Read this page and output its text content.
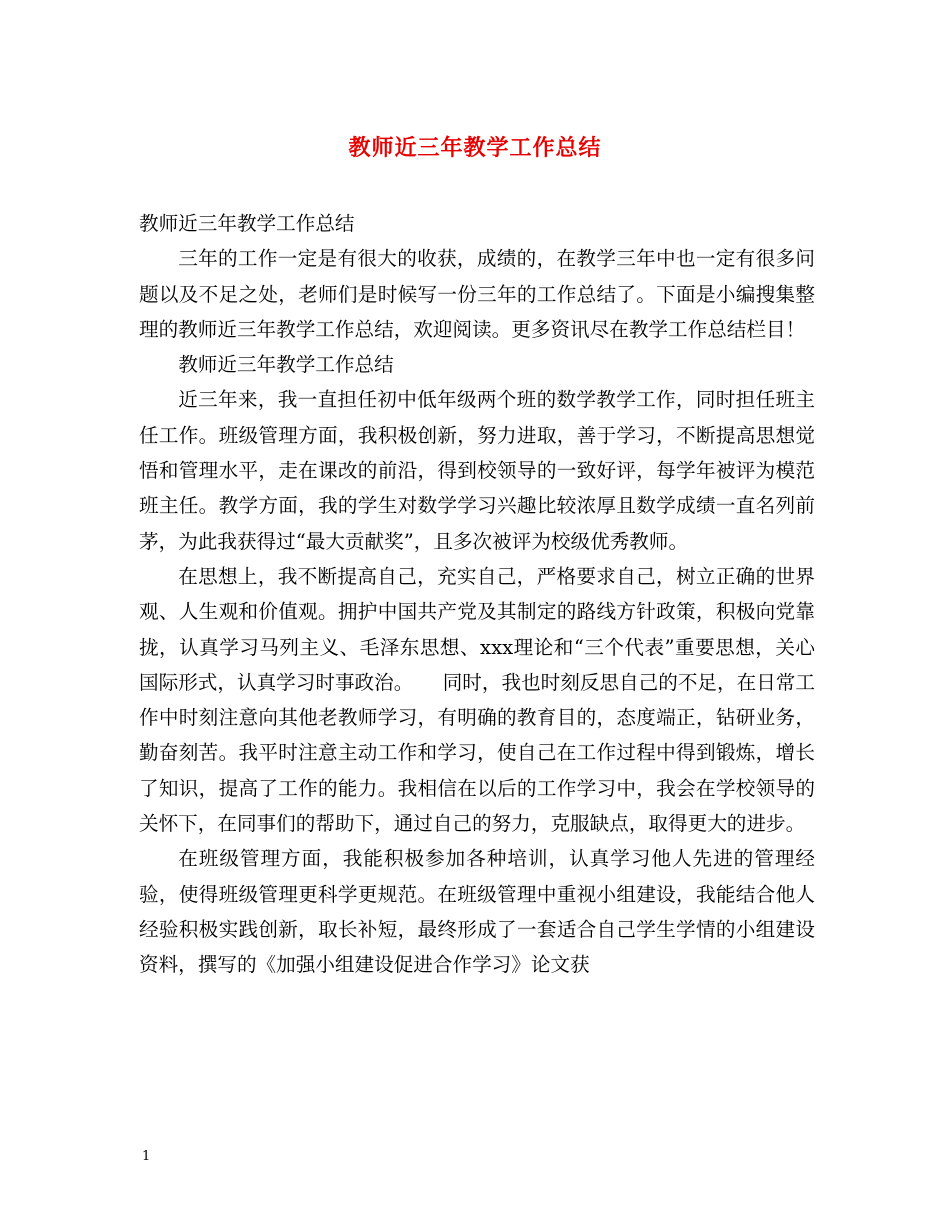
教师近三年教学工作总结

教师近三年教学工作总结

三年的工作一定是有很大的收获，成绩的，在教学三年中也一定有很多问题以及不足之处，老师们是时候写一份三年的工作总结了。下面是小编搜集整理的教师近三年教学工作总结，欢迎阅读。更多资讯尽在教学工作总结栏目！

教师近三年教学工作总结

近三年来，我一直担任初中低年级两个班的数学教学工作，同时担任班主任工作。班级管理方面，我积极创新，努力进取，善于学习，不断提高思想觉悟和管理水平，走在课改的前沿，得到校领导的一致好评，每学年被评为模范班主任。教学方面，我的学生对数学学习兴趣比较浓厚且数学成绩一直名列前茅，为此我获得过“最大贡献奖”，且多次被评为校级优秀教师。

在思想上，我不断提高自己，充实自己，严格要求自己，树立正确的世界观、人生观和价值观。拥护中国共产党及其制定的路线方针政策，积极向党靠拢，认真学习马列主义、毛泽东思想、xxx理论和“三个代表”重要思想，关心国际形式，认真学习时事政治。　　同时，我也时刻反思自己的不足，在日常工作中时刻注意向其他老教师学习，有明确的教育目的，态度端正，钻研业务，勤奋刻苦。我平时注意主动工作和学习，使自己在工作过程中得到锻炼，增长了知识，提高了工作的能力。我相信在以后的工作学习中，我会在学校领导的关怀下，在同事们的帮助下，通过自己的努力，克服缺点，取得更大的进步。

在班级管理方面，我能积极参加各种培训，认真学习他人先进的管理经验，使得班级管理更科学更规范。在班级管理中重视小组建设，我能结合他人经验积极实践创新，取长补短，最终形成了一套适合自己学生学情的小组建设资料，撰写的《加强小组建设促进合作学习》论文获

1
